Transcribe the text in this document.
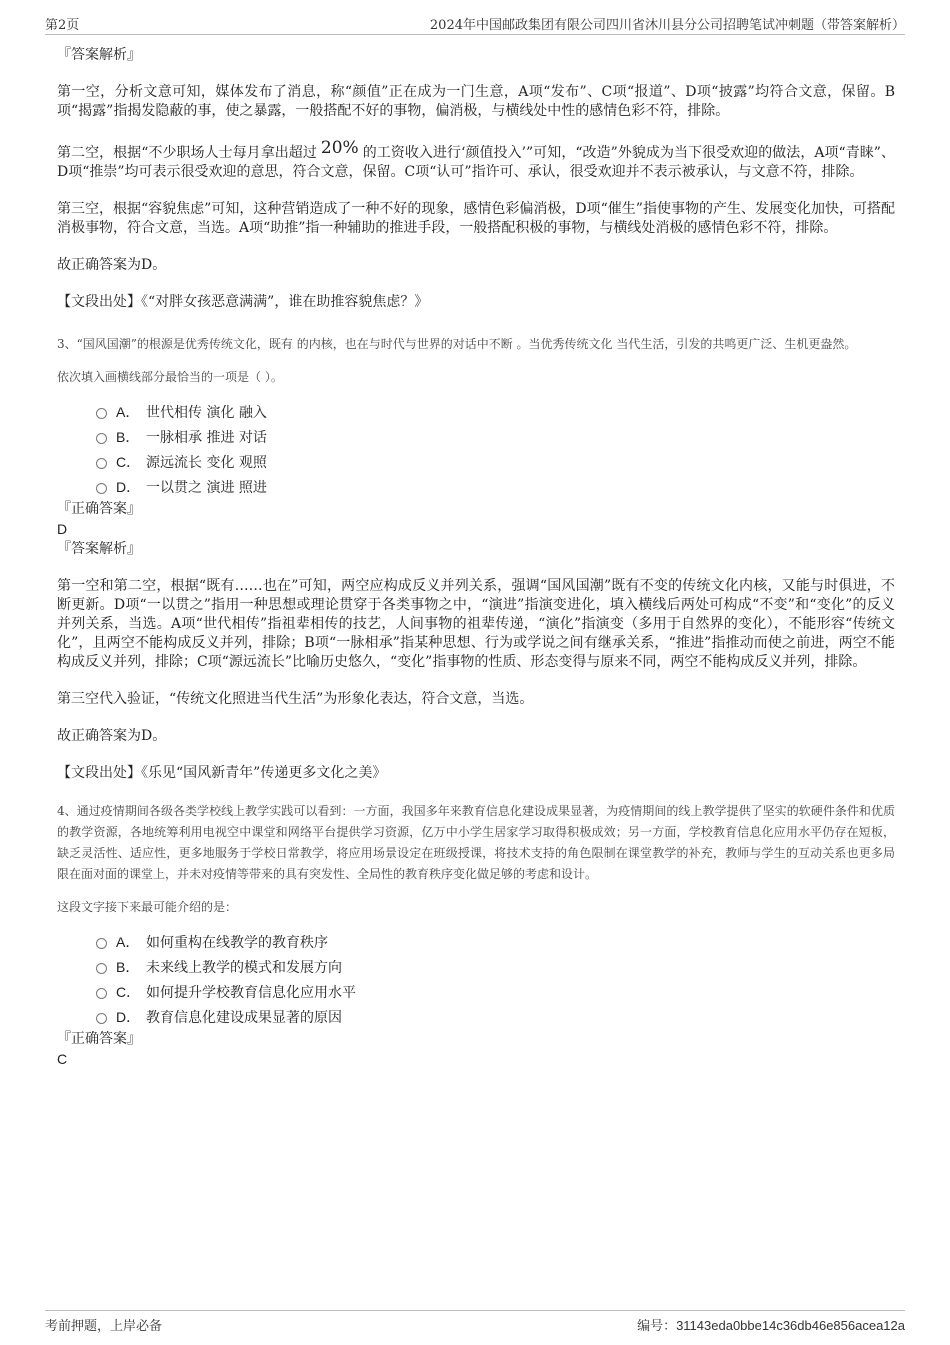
第2页	2024年中国邮政集团有限公司四川省沐川县分公司招聘笔试冲刺题（带答案解析）

『答案解析』

第一空，分析文意可知，媒体发布了消息，称“颜值”正在成为一门生意，A项“发布”、C项“报道”、D项“披露”均符合文意，保留。B项“揭露”指揭发隐蔽的事，使之暴露，一般搭配不好的事物，偏消极，与横线处中性的感情色彩不符，排除。

第二空，根据“不少职场人士每月拿出超过 20% 的工资收入进行‘颜值投入’”可知，“改造”外貌成为当下很受欢迎的做法，A项“青睐”、D项“推崇”均可表示很受欢迎的意思，符合文意，保留。C项“认可”指许可、承认，很受欢迎并不表示被承认，与文意不符，排除。

第三空，根据“容貌焦虑”可知，这种营销造成了一种不好的现象，感情色彩偏消极，D项“催生”指使事物的产生、发展变化加快，可搭配消极事物，符合文意，当选。A项“助推”指一种辅助的推进手段，一般搭配积极的事物，与横线处消极的感情色彩不符，排除。

故正确答案为D。

【文段出处】《“对胖女孩恶意满满”，谁在助推容貌焦虑？》

3、“国风国潮”的根源是优秀传统文化，既有 的内核，也在与时代与世界的对话中不断 。当优秀传统文化 当代生活，引发的共鸣更广泛、生机更盎然。

依次填入画横线部分最恰当的一项是（ ）。

A． 世代相传 演化 融入
B． 一脉相承 推进 对话
C． 源远流长 变化 观照
D． 一以贯之 演进 照进

『正确答案』

D

『答案解析』

第一空和第二空，根据“既有……也在”可知，两空应构成反义并列关系，强调“国风国潮”既有不变的传统文化内核，又能与时俱进，不断更新。D项“一以贯之”指用一种思想或理论贯穿于各类事物之中，“演进”指演变进化，填入横线后两处可构成“不变”和“变化”的反义并列关系，当选。A项“世代相传”指祖辈相传的技艺，人间事物的祖辈传递，“演化”指演变（多用于自然界的变化），不能形容“传统文化”，且两空不能构成反义并列，排除；B项“一脉相承”指某种思想、行为或学说之间有继承关系，“推进”指推动而使之前进，两空不能构成反义并列，排除；C项“源远流长”比喻历史悠久，“变化”指事物的性质、形态变得与原来不同，两空不能构成反义并列，排除。

第三空代入验证，“传统文化照进当代生活”为形象化表达，符合文意，当选。

故正确答案为D。

【文段出处】《乐见“国风新青年”传递更多文化之美》

4、通过疫情期间各级各类学校线上教学实践可以看到：一方面，我国多年来教育信息化建设成果显著，为疫情期间的线上教学提供了坚实的软硬件条件和优质的教学资源，各地统筹利用电视空中课堂和网络平台提供学习资源，亿万中小学生居家学习取得积极成效；另一方面，学校教育信息化应用水平仍存在短板，缺乏灵活性、适应性，更多地服务于学校日常教学，将应用场景设定在班级授课，将技术支持的角色限制在课堂教学的补充，教师与学生的互动关系也更多局限在面对面的课堂上，并未对疫情等带来的具有突发性、全局性的教育秩序变化做足够的考虑和设计。

这段文字接下来最可能介绍的是：

A． 如何重构在线教学的教育秩序
B． 未来线上教学的模式和发展方向
C． 如何提升学校教育信息化应用水平
D． 教育信息化建设成果显著的原因

『正确答案』

C

考前押题，上岸必备	编号：31143eda0bbe14c36db46e856acea12a
